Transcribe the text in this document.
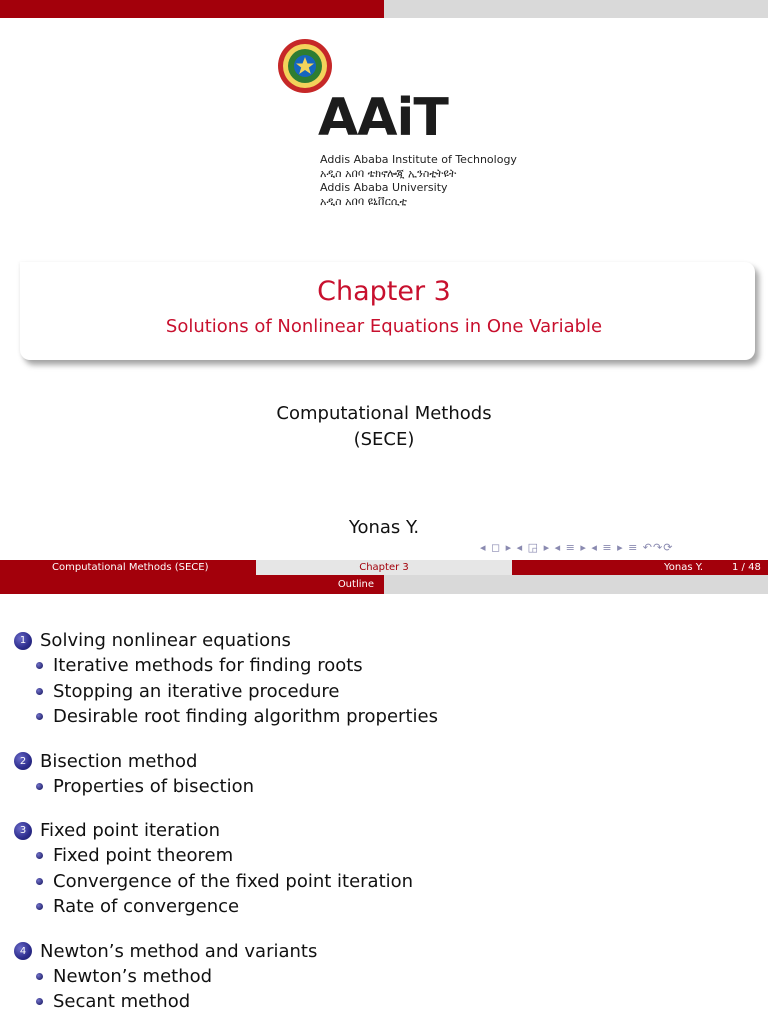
AAiT
Addis Ababa Institute of Technology
አዲስ አበባ ቴክኖሎጂ ኢንስቲትዩት
Addis Ababa University
አዲስ አበባ ዩኒቨርሲቲ
Chapter 3
Solutions of Nonlinear Equations in One Variable
Computational Methods
(SECE)
Yonas Y.
◂ ◻ ▸ ◂ ◲ ▸ ◂ ≡ ▸ ◂ ≡ ▸ ≡ ↶↷⟳
Computational Methods (SECE)	Chapter 3	Yonas Y.	1 / 48
Outline
1 Solving nonlinear equations
Iterative methods for finding roots
Stopping an iterative procedure
Desirable root finding algorithm properties
2 Bisection method
Properties of bisection
3 Fixed point iteration
Fixed point theorem
Convergence of the fixed point iteration
Rate of convergence
4 Newton’s method and variants
Newton’s method
Secant method
